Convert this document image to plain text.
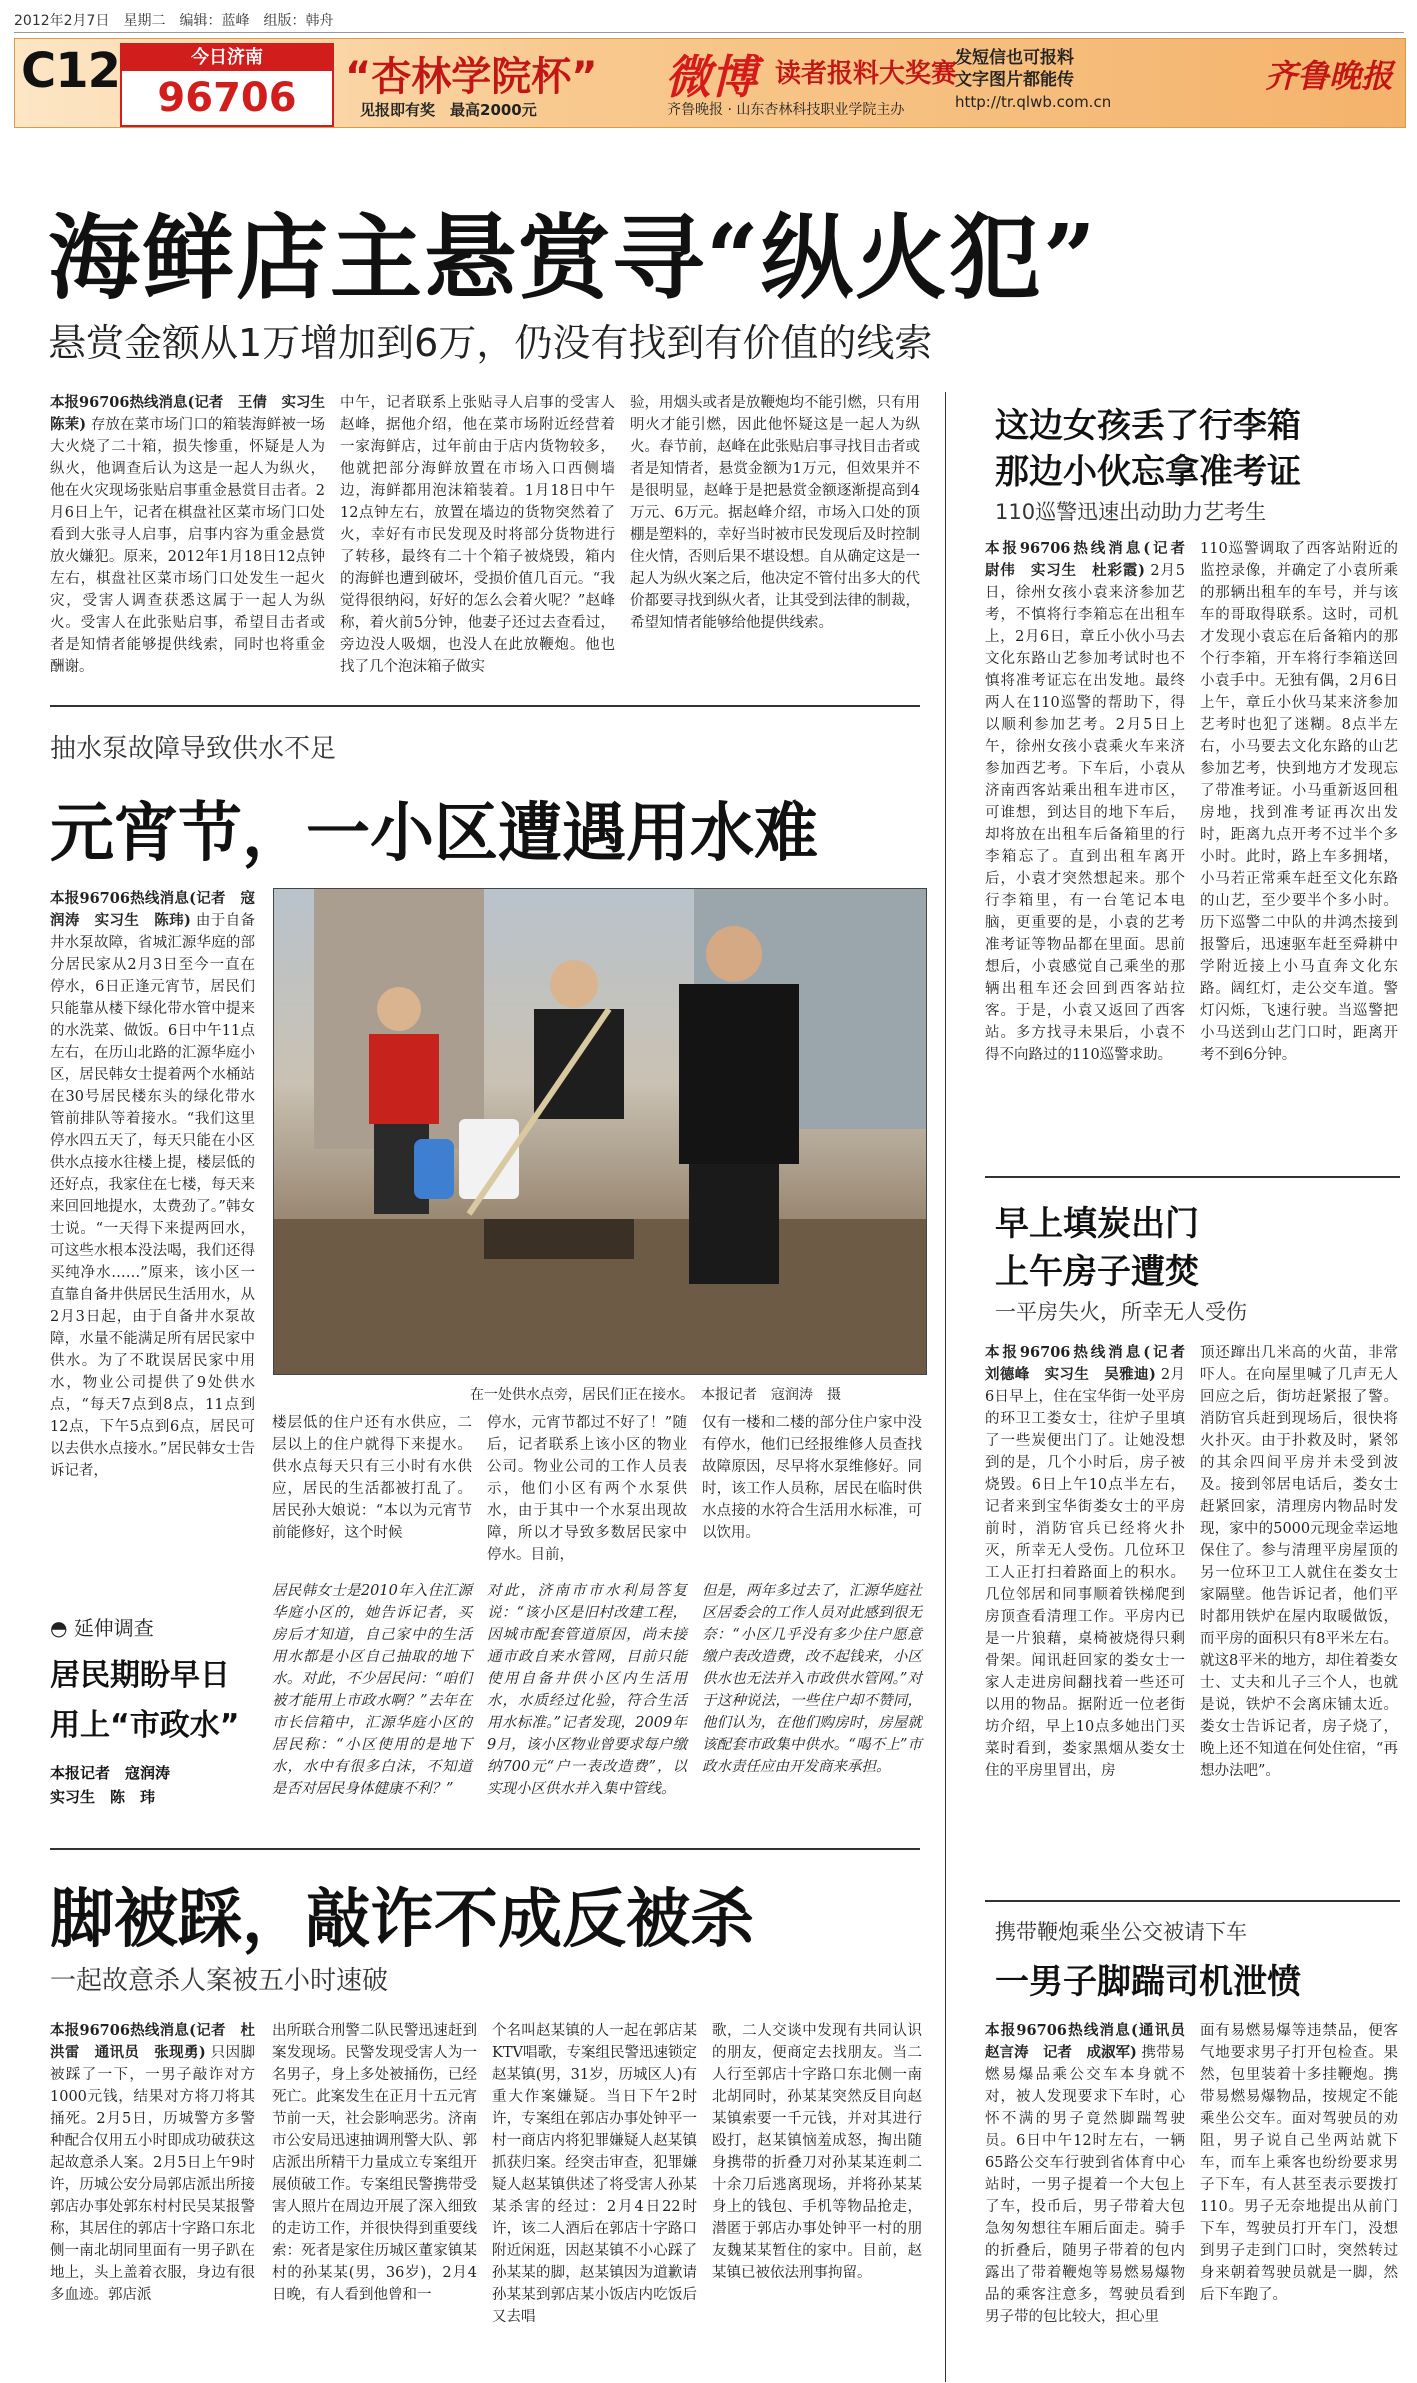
2012年2月7日　星期二　编辑：蓝峰　组版：韩舟
C12	今日济南
96706	“杏林学院杯”
见报即有奖　最高2000元
微博 读者报料大奖赛
齐鲁晚报 · 山东杏林科技职业学院主办
发短信也可报料
文字图片都能传
http://tr.qlwb.com.cn
齐鲁晚报
海鲜店主悬赏寻“纵火犯”
悬赏金额从1万增加到6万，仍没有找到有价值的线索
本报96706热线消息(记者　王倩　实习生　陈茉) 存放在菜市场门口的箱装海鲜被一场大火烧了二十箱，损失惨重，怀疑是人为纵火，他调查后认为这是一起人为纵火，他在火灾现场张贴启事重金悬赏目击者。2月6日上午，记者在棋盘社区菜市场门口处看到大张寻人启事，启事内容为重金悬赏放火嫌犯。原来，2012年1月18日12点钟左右，棋盘社区菜市场门口处发生一起火灾，受害人调查获悉这属于一起人为纵火。受害人在此张贴启事，希望目击者或者是知情者能够提供线索，同时也将重金酬谢。
中午，记者联系上张贴寻人启事的受害人赵峰，据他介绍，他在菜市场附近经营着一家海鲜店，过年前由于店内货物较多，他就把部分海鲜放置在市场入口西侧墙边，海鲜都用泡沫箱装着。1月18日中午12点钟左右，放置在墙边的货物突然着了火，幸好有市民发现及时将部分货物进行了转移，最终有二十个箱子被烧毁，箱内的海鲜也遭到破坏，受损价值几百元。“我觉得很纳闷，好好的怎么会着火呢？”赵峰称，着火前5分钟，他妻子还过去查看过，旁边没人吸烟，也没人在此放鞭炮。他也找了几个泡沫箱子做实
验，用烟头或者是放鞭炮均不能引燃，只有用明火才能引燃，因此他怀疑这是一起人为纵火。春节前，赵峰在此张贴启事寻找目击者或者是知情者，悬赏金额为1万元，但效果并不是很明显，赵峰于是把悬赏金额逐渐提高到4万元、6万元。据赵峰介绍，市场入口处的顶棚是塑料的，幸好当时被市民发现后及时控制住火情，否则后果不堪设想。自从确定这是一起人为纵火案之后，他决定不管付出多大的代价都要寻找到纵火者，让其受到法律的制裁，希望知情者能够给他提供线索。
抽水泵故障导致供水不足
元宵节，一小区遭遇用水难
本报96706热线消息(记者　寇润涛　实习生　陈玮) 由于自备井水泵故障，省城汇源华庭的部分居民家从2月3日至今一直在停水，6日正逢元宵节，居民们只能靠从楼下绿化带水管中提来的水洗菜、做饭。6日中午11点左右，在历山北路的汇源华庭小区，居民韩女士提着两个水桶站在30号居民楼东头的绿化带水管前排队等着接水。“我们这里停水四五天了，每天只能在小区供水点接水往楼上提，楼层低的还好点，我家住在七楼，每天来来回回地提水，太费劲了。”韩女士说。“一天得下来提两回水，可这些水根本没法喝，我们还得买纯净水……”原来，该小区一直靠自备井供居民生活用水，从2月3日起，由于自备井水泵故障，水量不能满足所有居民家中供水。为了不耽误居民家中用水，物业公司提供了9处供水点，“每天7点到8点，11点到12点，下午5点到6点，居民可以去供水点接水。”居民韩女士告诉记者，
在一处供水点旁，居民们正在接水。　本报记者　寇润涛　摄
楼层低的住户还有水供应，二层以上的住户就得下来提水。供水点每天只有三小时有水供应，居民的生活都被打乱了。居民孙大娘说：“本以为元宵节前能修好，这个时候
停水，元宵节都过不好了！”随后，记者联系上该小区的物业公司。物业公司的工作人员表示，他们小区有两个水泵供水，由于其中一个水泵出现故障，所以才导致多数居民家中停水。目前，
仅有一楼和二楼的部分住户家中没有停水，他们已经报维修人员查找故障原因，尽早将水泵维修好。同时，该工作人员称，居民在临时供水点接的水符合生活用水标准，可以饮用。
◓ 延伸调查
居民期盼早日
用上“市政水”
本报记者　寇润涛
实习生　陈　玮
居民韩女士是2010年入住汇源华庭小区的，她告诉记者，买房后才知道，自己家中的生活用水都是小区自己抽取的地下水。对此，不少居民问：“咱们被才能用上市政水啊？”去年在市长信箱中，汇源华庭小区的居民称：“小区使用的是地下水，水中有很多白沫，不知道是否对居民身体健康不利？”
对此，济南市市水利局答复说：“该小区是旧村改建工程，因城市配套管道原因，尚未接通市政自来水管网，目前只能使用自备井供小区内生活用水，水质经过化验，符合生活用水标准。”记者发现，2009年9月，该小区物业曾要求每户缴纳700元“户一表改造费”，以实现小区供水并入集中管线。
但是，两年多过去了，汇源华庭社区居委会的工作人员对此感到很无奈：“小区几乎没有多少住户愿意缴户表改造费，改不起钱来，小区供水也无法并入市政供水管网。”对于这种说法，一些住户却不赞同，他们认为，在他们购房时，房屋就该配套市政集中供水。“喝不上”市政水责任应由开发商来承担。
脚被踩，敲诈不成反被杀
一起故意杀人案被五小时速破
本报96706热线消息(记者　杜洪雷　通讯员　张现勇) 只因脚被踩了一下，一男子敲诈对方1000元钱，结果对方将刀将其捅死。2月5日，历城警方多警种配合仅用五小时即成功破获这起故意杀人案。2月5日上午9时许，历城公安分局郭店派出所接郭店办事处郭东村村民吴某报警称，其居住的郭店十字路口东北侧一南北胡同里面有一男子趴在地上，头上盖着衣服，身边有很多血迹。郭店派
出所联合刑警二队民警迅速赶到案发现场。民警发现受害人为一名男子，身上多处被捅伤，已经死亡。此案发生在正月十五元宵节前一天，社会影响恶劣。济南市公安局迅速抽调刑警大队、郭店派出所精干力量成立专案组开展侦破工作。专案组民警携带受害人照片在周边开展了深入细致的走访工作，并很快得到重要线索：死者是家住历城区董家镇某村的孙某某(男，36岁)，2月4日晚，有人看到他曾和一
个名叫赵某镇的人一起在郭店某KTV唱歌，专案组民警迅速锁定赵某镇(男，31岁，历城区人)有重大作案嫌疑。当日下午2时许，专案组在郭店办事处钟平一村一商店内将犯罪嫌疑人赵某镇抓获归案。经突击审查，犯罪嫌疑人赵某镇供述了将受害人孙某某杀害的经过：2月4日22时许，该二人酒后在郭店十字路口附近闲逛，因赵某镇不小心踩了孙某某的脚，赵某镇因为道歉请孙某某到郭店某小饭店内吃饭后又去唱
歌，二人交谈中发现有共同认识的朋友，便商定去找朋友。当二人行至郭店十字路口东北侧一南北胡同时，孙某某突然反目向赵某镇索要一千元钱，并对其进行殴打，赵某镇恼羞成怒，掏出随身携带的折叠刀对孙某某连刺二十余刀后逃离现场，并将孙某某身上的钱包、手机等物品抢走，潜匿于郭店办事处钟平一村的朋友魏某某暂住的家中。目前，赵某镇已被依法刑事拘留。
这边女孩丢了行李箱
那边小伙忘拿准考证
110巡警迅速出动助力艺考生
本报96706热线消息(记者　尉伟　实习生　杜彩霞) 2月5日，徐州女孩小袁来济参加艺考，不慎将行李箱忘在出租车上，2月6日，章丘小伙小马去文化东路山艺参加考试时也不慎将准考证忘在出发地。最终两人在110巡警的帮助下，得以顺利参加艺考。2月5日上午，徐州女孩小袁乘火车来济参加西艺考。下车后，小袁从济南西客站乘出租车进市区，可谁想，到达目的地下车后，却将放在出租车后备箱里的行李箱忘了。直到出租车离开后，小袁才突然想起来。那个行李箱里，有一台笔记本电脑，更重要的是，小袁的艺考准考证等物品都在里面。思前想后，小袁感觉自己乘坐的那辆出租车还会回到西客站拉客。于是，小袁又返回了西客站。多方找寻未果后，小袁不得不向路过的110巡警求助。
110巡警调取了西客站附近的监控录像，并确定了小袁所乘的那辆出租车的车号，并与该车的哥取得联系。这时，司机才发现小袁忘在后备箱内的那个行李箱，开车将行李箱送回小袁手中。无独有偶，2月6日上午，章丘小伙马某来济参加艺考时也犯了迷糊。8点半左右，小马要去文化东路的山艺参加艺考，快到地方才发现忘了带准考证。小马重新返回租房地，找到准考证再次出发时，距离九点开考不过半个多小时。此时，路上车多拥堵，小马若正常乘车赶至文化东路的山艺，至少要半个多小时。历下巡警二中队的井鸿杰接到报警后，迅速驱车赶至舜耕中学附近接上小马直奔文化东路。阔红灯，走公交车道。警灯闪烁，飞速行驶。当巡警把小马送到山艺门口时，距离开考不到6分钟。
早上填炭出门
上午房子遭焚
一平房失火，所幸无人受伤
本报96706热线消息(记者　刘德峰　实习生　吴雅迪) 2月6日早上，住在宝华街一处平房的环卫工娄女士，往炉子里填了一些炭便出门了。让她没想到的是，几个小时后，房子被烧毁。6日上午10点半左右，记者来到宝华街娄女士的平房前时，消防官兵已经将火扑灭，所幸无人受伤。几位环卫工人正打扫着路面上的积水。几位邻居和同事顺着铁梯爬到房顶查看清理工作。平房内已是一片狼藉，桌椅被烧得只剩骨架。闻讯赶回家的娄女士一家人走进房间翻找着一些还可以用的物品。据附近一位老街坊介绍，早上10点多她出门买菜时看到，娄家黑烟从娄女士住的平房里冒出，房
顶还蹿出几米高的火苗，非常吓人。在向屋里喊了几声无人回应之后，街坊赶紧报了警。消防官兵赶到现场后，很快将火扑灭。由于扑救及时，紧邻的其余四间平房并未受到波及。接到邻居电话后，娄女士赶紧回家，清理房内物品时发现，家中的5000元现金幸运地保住了。参与清理平房屋顶的另一位环卫工人就住在娄女士家隔壁。他告诉记者，他们平时都用铁炉在屋内取暖做饭，而平房的面积只有8平米左右。就这8平米的地方，却住着娄女士、丈夫和儿子三个人，也就是说，铁炉不会离床铺太近。娄女士告诉记者，房子烧了，晚上还不知道在何处住宿，“再想办法吧”。
携带鞭炮乘坐公交被请下车
一男子脚踹司机泄愤
本报96706热线消息(通讯员　赵言涛　记者　成淑军) 携带易燃易爆品乘公交车本身就不对，被人发现要求下车时，心怀不满的男子竟然脚踹驾驶员。6日中午12时左右，一辆65路公交车行驶到省体育中心站时，一男子提着一个大包上了车，投币后，男子带着大包急匆匆想往车厢后面走。骑手的折叠后，随男子带着的包内露出了带着鞭炮等易燃易爆物品的乘客注意多，驾驶员看到男子带的包比较大，担心里
面有易燃易爆等违禁品，便客气地要求男子打开包检查。果然，包里装着十多挂鞭炮。携带易燃易爆物品，按规定不能乘坐公交车。面对驾驶员的劝阻，男子说自己坐两站就下车，而车上乘客也纷纷要求男子下车，有人甚至表示要拨打110。男子无奈地提出从前门下车，驾驶员打开车门，没想到男子走到门口时，突然转过身来朝着驾驶员就是一脚，然后下车跑了。
